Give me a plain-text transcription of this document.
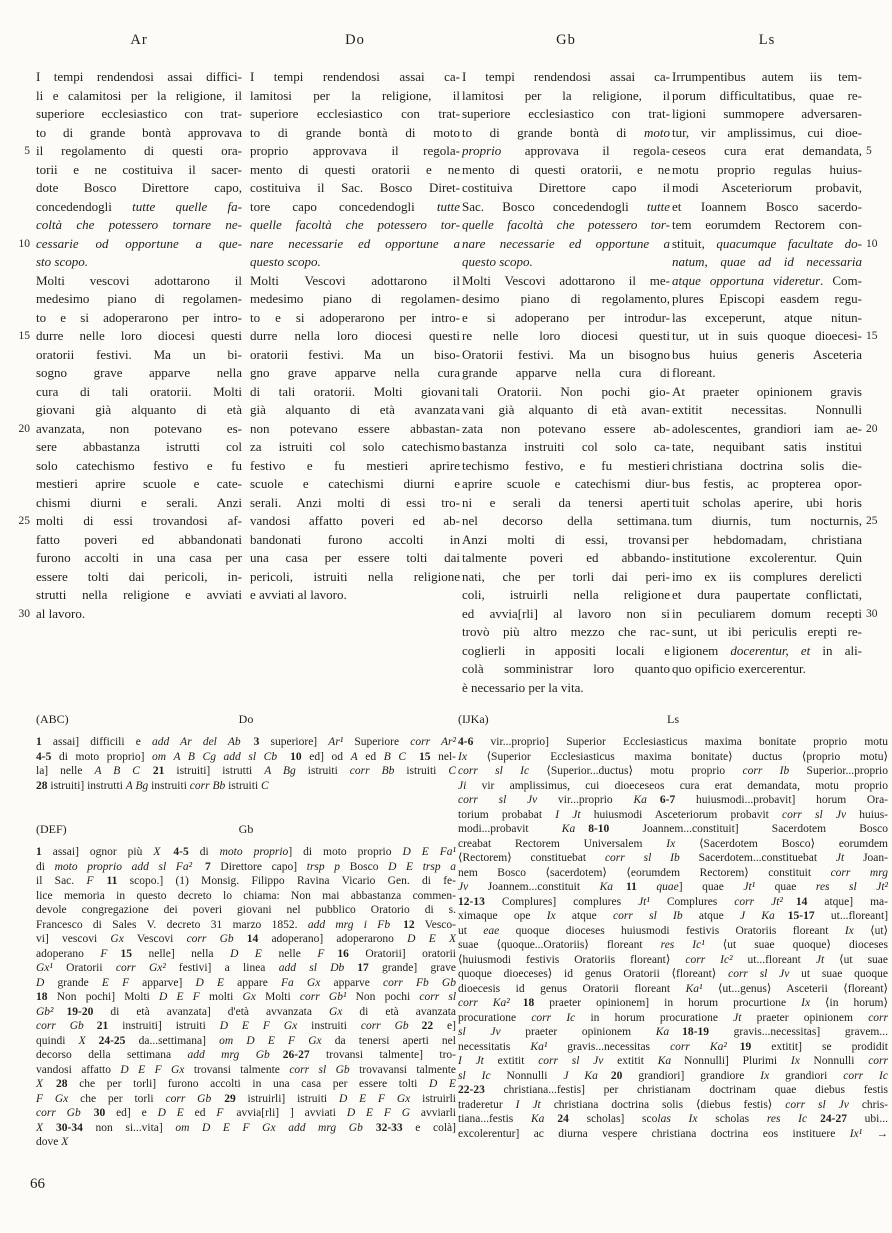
5

10

15

20

25

30

5

10

15

20

25

30

Ar
I tempi rendendosi assai diffici-
li e calamitosi per la religione, il
superiore ecclesiastico con trat-
to di grande bontà approvava
il regolamento di questi ora-
torii e ne costituiva il sacer-
dote Bosco Direttore capo,
concedendogli tutte quelle fa-
coltà che potessero tornare ne-
cessarie od opportune a que-
sto scopo.
Molti vescovi adottarono il
medesimo piano di regolamen-
to e si adoperarono per intro-
durre nelle loro diocesi questi
oratorii festivi. Ma un bi-
sogno grave apparve nella
cura di tali oratorii. Molti
giovani già alquanto di età
avanzata, non potevano es-
sere abbastanza istrutti col
solo catechismo festivo e fu
mestieri aprire scuole e cate-
chismi diurni e serali. Anzi
molti di essi trovandosi af-
fatto poveri ed abbandonati
furono accolti in una casa per
essere tolti dai pericoli, in-
strutti nella religione e avviati
al lavoro.
Do
I tempi rendendosi assai ca-
lamitosi per la religione, il
superiore ecclesiastico con trat-
to di grande bontà di moto
proprio approvava il regola-
mento di questi oratorii e ne
costituiva il Sac. Bosco Diret-
tore capo concedendogli tutte
quelle facoltà che potessero tor-
nare necessarie ed opportune a
questo scopo.
Molti Vescovi adottarono il
medesimo piano di regolamen-
to e si adoperarono per intro-
durre nella loro diocesi questi
oratorii festivi. Ma un biso-
gno grave apparve nella cura
di tali oratorii. Molti giovani
già alquanto di età avanzata
non potevano essere abbastan-
za istruiti col solo catechismo
festivo e fu mestieri aprire
scuole e catechismi diurni e
serali. Anzi molti di essi tro-
vandosi affatto poveri ed ab-
bandonati furono accolti in
una casa per essere tolti dai
pericoli, istruiti nella religione
e avviati al lavoro.
Gb
I tempi rendendosi assai ca-
lamitosi per la religione, il
superiore ecclesiastico con trat-
to di grande bontà di moto
proprio approvava il regola-
mento di questi oratorii, e ne
costituiva Direttore capo il
Sac. Bosco concedendogli tutte
quelle facoltà che potessero tor-
nare necessarie ed opportune a
questo scopo.
Molti Vescovi adottarono il me-
desimo piano di regolamento,
e si adoperano per introdur-
re nelle loro diocesi questi
Oratorii festivi. Ma un bisogno
grande apparve nella cura di
tali Oratorii. Non pochi gio-
vani già alquanto di età avan-
zata non potevano essere ab-
bastanza instruiti col solo ca-
techismo festivo, e fu mestieri
aprire scuole e catechismi diur-
ni e serali da tenersi aperti
nel decorso della settimana.
Anzi molti di essi, trovansi
talmente poveri ed abbando-
nati, che per torli dai peri-
coli, istruirli nella religione
ed avvia[rli] al lavoro non si
trovò più altro mezzo che rac-
coglierli in appositi locali e
colà somministrar loro quanto
è necessario per la vita.
Ls
Irrumpentibus autem iis tem-
porum difficultatibus, quae re-
ligioni summopere adversaren-
tur, vir amplissimus, cui dioe-
ceseos cura erat demandata,
motu proprio regulas huius-
modi Asceteriorum probavit,
et Ioannem Bosco sacerdo-
tem eorumdem Rectorem con-
stituit, quacumque facultate do-
natum, quae ad id necessaria
atque opportuna videretur. Com-
plures Episcopi easdem regu-
las exceperunt, atque nitun-
tur, ut in suis quoque dioecesi-
bus huius generis Asceteria
floreant.
At praeter opinionem gravis
extitit necessitas. Nonnulli
adolescentes, grandiori iam ae-
tate, nequibant satis institui
christiana doctrina solis die-
bus festis, ac propterea opor-
tuit scholas aperire, ubi horis
tum diurnis, tum nocturnis,
per hebdomadam, christiana
institutione excolerentur. Quin
imo ex iis complures derelicti
et dura paupertate conflictati,
in peculiarem domum recepti
sunt, ut ibi periculis erepti re-
ligionem docerentur, et in ali-
quo opificio exercerentur.
(ABC)	Do
1 assai] difficili e add Ar del Ab 3 superiore] Ar¹ Superiore corr Ar²
4-5 di moto proprio] om A B Cg add sl Cb 10 ed] od A ed B C 15 nel-
la] nelle A B C 21 istruiti] istrutti A Bg istruiti corr Bb istruiti C
28 istruiti] instrutti A Bg instruiti corr Bb istruiti C
(DEF)	Gb
1 assai] ognor più X 4-5 di moto proprio] di moto proprio D E Fa¹
di moto proprio add sl Fa² 7 Direttore capo] trsp p Bosco D E trsp a
il Sac. F 11 scopo.] (1) Monsig. Filippo Ravina Vicario Gen. di fe-
lice memoria in questo decreto lo chiama: Non mai abbastanza commen-
devole congregazione dei poveri giovani nel pubblico Oratorio di s.
Francesco di Sales V. decreto 31 marzo 1852. add mrg i Fb 12 Vesco-
vi] vescovi Gx Vescovi corr Gb 14 adoperano] adoperarono D E X
adoperano F 15 nelle] nella D E nelle F 16 Oratorii] oratorii
Gx¹ Oratorii corr Gx² festivi] a linea add sl Db 17 grande] grave
D grande E F apparve] D E appare Fa Gx apparve corr Fb Gb
18 Non pochi] Molti D E F molti Gx Molti corr Gb¹ Non pochi corr sl
Gb² 19-20 di età avanzata] d'età avvanzata Gx di età avanzata
corr Gb 21 instruiti] istruiti D E F Gx instruiti corr Gb 22 e]
quindi X 24-25 da...settimana] om D E F Gx da tenersi aperti nel
decorso della settimana add mrg Gb 26-27 trovansi talmente] tro-
vandosi affatto D E F Gx trovansi talmente corr sl Gb trovavansi talmente
X 28 che per torli] furono accolti in una casa per essere tolti D E
F Gx che per torli corr Gb 29 istruirli] istruiti D E F Gx istruirli
corr Gb 30 ed] e D E ed F avvia[rli] ] avviati D E F G avviarli
X 30-34 non si...vita] om D E F Gx add mrg Gb 32-33 e colà]
dove X
(IJKa)	Ls
4-6 vir...proprio] Superior Ecclesiasticus maxima bonitate proprio motu
Ix ⟨Superior Ecclesiasticus maxima bonitate⟩ ductus ⟨proprio motu⟩
corr sl Ic ⟨Superior...ductus⟩ motu proprio corr Ib Superior...proprio
Ji vir amplissimus, cui dioeceseos cura erat demandata, motu proprio
corr sl Jv vir...proprio Ka 6-7 huiusmodi...probavit] horum Ora-
torium probabat I Jt huiusmodi Asceteriorum probavit corr sl Jv huius-
modi...probavit Ka 8-10 Joannem...constituit] Sacerdotem Bosco
creabat Rectorem Universalem Ix ⟨Sacerdotem Bosco⟩ eorumdem
⟨Rectorem⟩ constituebat corr sl Ib Sacerdotem...constituebat Jt Joan-
nem Bosco ⟨sacerdotem⟩ ⟨eorumdem Rectorem⟩ constituit corr mrg
Jv Joannem...constituit Ka 11 quae] quae Jt¹ quae res sl Jt²
12-13 Complures] complures Jt¹ Complures corr Jt² 14 atque] ma-
ximaque ope Ix atque corr sl Ib atque J Ka 15-17 ut...floreant]
ut eae quoque dioceses huiusmodi festivis Oratoriis floreant Ix ⟨ut⟩
suae ⟨quoque...Oratoriis⟩ floreant res Ic¹ ⟨ut suae quoque⟩ dioceses
⟨huiusmodi festivis Oratoriis floreant⟩ corr Ic² ut...floreant Jt ⟨ut suae
quoque dioeceses⟩ id genus Oratorii ⟨floreant⟩ corr sl Jv ut suae quoque
dioecesis id genus Oratorii floreant Ka¹ ⟨ut...genus⟩ Asceterii ⟨floreant⟩
corr Ka² 18 praeter opinionem] in horum procurtione Ix ⟨in horum⟩
procuratione corr Ic in horum procuratione Jt praeter opinionem corr
sl Jv praeter opinionem Ka 18-19 gravis...necessitas] gravem...
necessitatis Ka¹ gravis...necessitas corr Ka² 19 extitit] se prodidit
I Jt extitit corr sl Jv extitit Ka Nonnulli] Plurimi Ix Nonnulli corr
sl Ic Nonnulli J Ka 20 grandiori] grandiore Ix grandiori corr Ic
22-23 christiana...festis] per christianam doctrinam quae diebus festis
traderetur I Jt christiana doctrina solis ⟨diebus festis⟩ corr sl Jv chris-
tiana...festis Ka 24 scholas] scolas Ix scholas res Ic 24-27 ubi...
excolerentur] ac diurna vespere christiana doctrina eos instituere Ix¹ →
66
